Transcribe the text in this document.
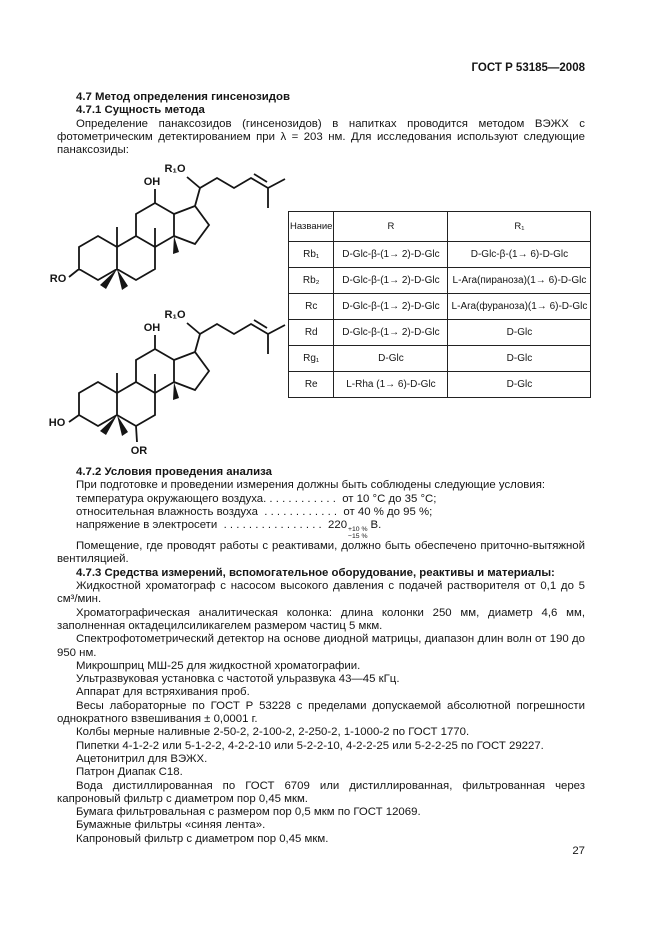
ГОСТ Р 53185—2008
4.7 Метод определения гинсенозидов
4.7.1 Сущность метода

Определение панаксозидов (гинсенозидов) в напитках проводится методом ВЭЖХ с фотометрическим детектированием при λ = 203 нм. Для исследования используют следующие панаксозиды:

OH
R₁O
RO
OH
R₁O
HO
OR
Название	R	R₁
Rb₁	D-Glc-β-(1→ 2)-D-Glc	D-Glc-β-(1→ 6)-D-Glc
Rb₂	D-Glc-β-(1→ 2)-D-Glc	L-Ara(пираноза)(1→ 6)-D-Glc
Rc	D-Glc-β-(1→ 2)-D-Glc	L-Ara(фураноза)(1→ 6)-D-Glc
Rd	D-Glc-β-(1→ 2)-D-Glc	D-Glc
Rg₁	D-Glc	D-Glc
Re	L-Rha (1→ 6)-D-Glc	D-Glc
4.7.2 Условия проведения анализа

При подготовке и проведении измерения должны быть соблюдены следующие условия:

температура окружающего воздуха. . . . . . . . . . . .  от 10 °С до 35 °С;
относительная влажность воздуха  . . . . . . . . . . . .  от 40 % до 95 %;
напряжение в электросети  . . . . . . . . . . . . . . . .  220 +10 %
−15 %
В.

Помещение, где проводят работы с реактивами, должно быть обеспечено приточно-вытяжной вентиляцией.

4.7.3 Средства измерений, вспомогательное оборудование, реактивы и материалы:

Жидкостной хроматограф с насосом высокого давления с подачей растворителя от 0,1 до 5 см³/мин.

Хроматографическая аналитическая колонка: длина колонки 250 мм, диаметр 4,6 мм, заполненная октадецилсиликагелем размером частиц 5 мкм.

Спектрофотометрический детектор на основе диодной матрицы, диапазон длин волн от 190 до 950 нм.

Микрошприц МШ-25 для жидкостной хроматографии.

Ультразвуковая установка с частотой ульразвука 43—45 кГц.

Аппарат для встряхивания проб.

Весы лабораторные по ГОСТ Р 53228 с пределами допускаемой абсолютной погрешности однократного взвешивания ± 0,0001 г.

Колбы мерные наливные 2-50-2, 2-100-2, 2-250-2, 1-1000-2 по ГОСТ 1770.

Пипетки 4-1-2-2 или 5-1-2-2, 4-2-2-10 или 5-2-2-10, 4-2-2-25 или 5-2-2-25 по ГОСТ 29227.

Ацетонитрил для ВЭЖХ.

Патрон Диапак С18.

Вода дистиллированная по ГОСТ 6709 или дистиллированная, фильтрованная через капроновый фильтр с диаметром пор 0,45 мкм.

Бумага фильтровальная с размером пор 0,5 мкм по ГОСТ 12069.

Бумажные фильтры «синяя лента».

Капроновый фильтр с диаметром пор 0,45 мкм.

27
